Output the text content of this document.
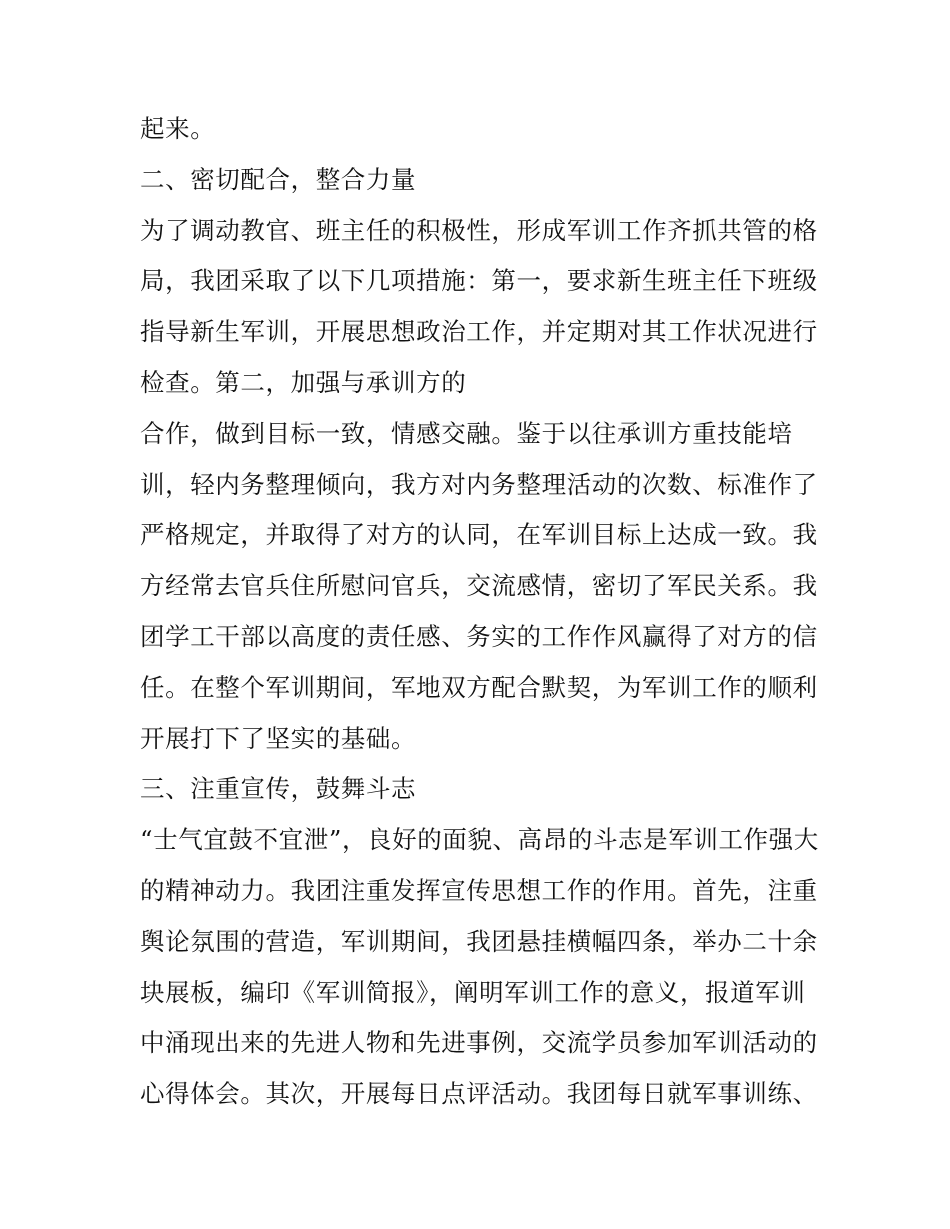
起来。
二、密切配合，整合力量
为了调动教官、班主任的积极性，形成军训工作齐抓共管的格
局，我团采取了以下几项措施：第一，要求新生班主任下班级
指导新生军训，开展思想政治工作，并定期对其工作状况进行
检查。第二，加强与承训方的
合作，做到目标一致，情感交融。鉴于以往承训方重技能培
训，轻内务整理倾向，我方对内务整理活动的次数、标准作了
严格规定，并取得了对方的认同，在军训目标上达成一致。我
方经常去官兵住所慰问官兵，交流感情，密切了军民关系。我
团学工干部以高度的责任感、务实的工作作风赢得了对方的信
任。在整个军训期间，军地双方配合默契，为军训工作的顺利
开展打下了坚实的基础。
三、注重宣传，鼓舞斗志
“士气宜鼓不宜泄”，良好的面貌、高昂的斗志是军训工作强大
的精神动力。我团注重发挥宣传思想工作的作用。首先，注重
舆论氛围的营造，军训期间，我团悬挂横幅四条，举办二十余
块展板，编印《军训简报》，阐明军训工作的意义，报道军训
中涌现出来的先进人物和先进事例，交流学员参加军训活动的
心得体会。其次，开展每日点评活动。我团每日就军事训练、
